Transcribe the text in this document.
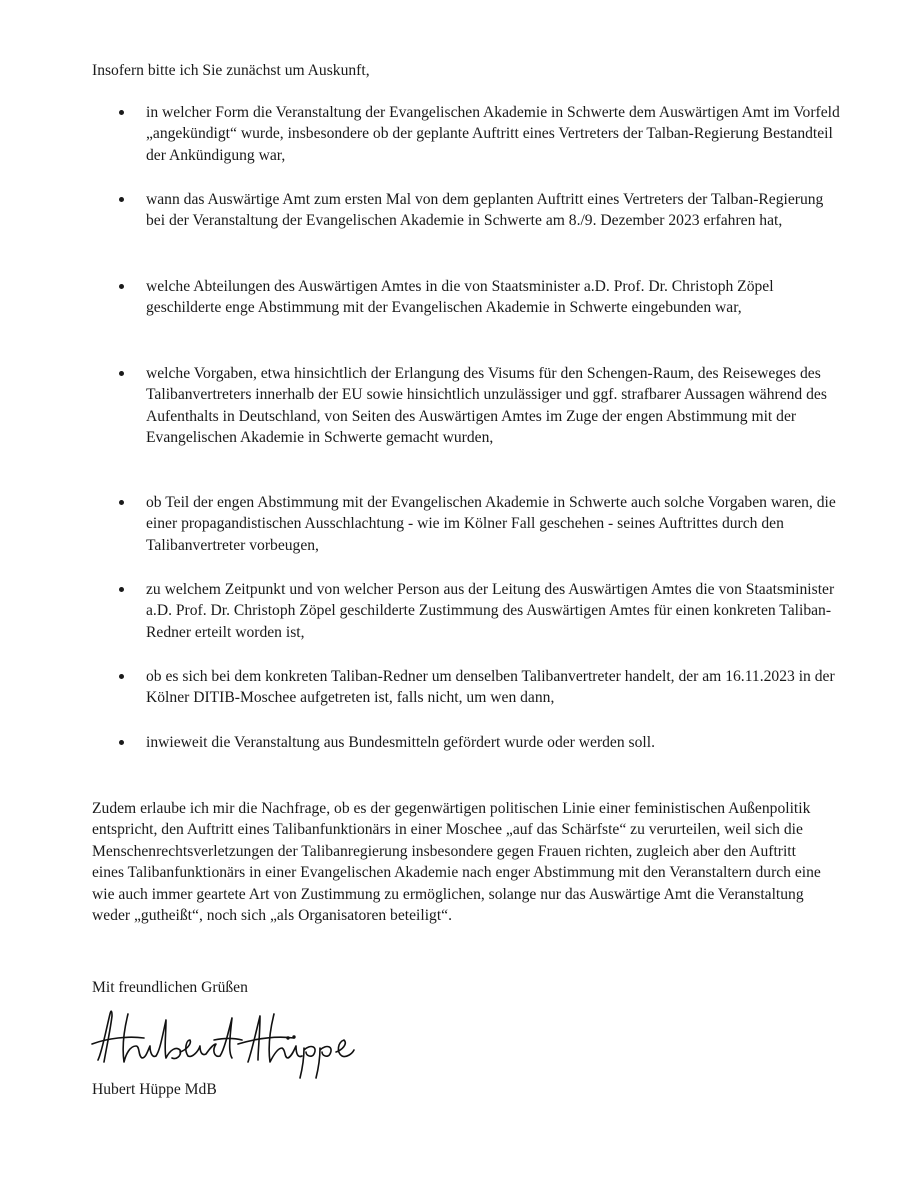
Insofern bitte ich Sie zunächst um Auskunft,

in welcher Form die Veranstaltung der Evangelischen Akademie in Schwerte dem Auswärtigen Amt im Vorfeld „angekündigt“ wurde, insbesondere ob der geplante Auftritt eines Vertreters der Talban-Regierung Bestandteil der Ankündigung war,

wann das Auswärtige Amt zum ersten Mal von dem geplanten Auftritt eines Vertreters der Talban-Regierung bei der Veranstaltung der Evangelischen Akademie in Schwerte am 8./9. Dezember 2023 erfahren hat,

welche Abteilungen des Auswärtigen Amtes in die von Staatsminister a.D. Prof. Dr. Christoph Zöpel geschilderte enge Abstimmung mit der Evangelischen Akademie in Schwerte eingebunden war,

welche Vorgaben, etwa hinsichtlich der Erlangung des Visums für den Schengen-Raum, des Reiseweges des Talibanvertreters innerhalb der EU sowie hinsichtlich unzulässiger und ggf. strafbarer Aussagen während des Aufenthalts in Deutschland, von Seiten des Auswärtigen Amtes im Zuge der engen Abstimmung mit der Evangelischen Akademie in Schwerte gemacht wurden,

ob Teil der engen Abstimmung mit der Evangelischen Akademie in Schwerte auch solche Vorgaben waren, die einer propagandistischen Ausschlachtung - wie im Kölner Fall geschehen - seines Auftrittes durch den Talibanvertreter vorbeugen,

zu welchem Zeitpunkt und von welcher Person aus der Leitung des Auswärtigen Amtes die von Staatsminister a.D. Prof. Dr. Christoph Zöpel geschilderte Zustimmung des Auswärtigen Amtes für einen konkreten Taliban-Redner erteilt worden ist,

ob es sich bei dem konkreten Taliban-Redner um denselben Talibanvertreter handelt, der am 16.11.2023 in der Kölner DITIB-Moschee aufgetreten ist, falls nicht, um wen dann,

inwieweit die Veranstaltung aus Bundesmitteln gefördert wurde oder werden soll.

Zudem erlaube ich mir die Nachfrage, ob es der gegenwärtigen politischen Linie einer feministischen Außenpolitik entspricht, den Auftritt eines Talibanfunktionärs in einer Moschee „auf das Schärfste“ zu verurteilen, weil sich die Menschenrechtsverletzungen der Talibanregierung insbesondere gegen Frauen richten, zugleich aber den Auftritt eines Talibanfunktionärs in einer Evangelischen Akademie nach enger Abstimmung mit den Veranstaltern durch eine wie auch immer geartete Art von Zustimmung zu ermöglichen, solange nur das Auswärtige Amt die Veranstaltung weder „gutheißt“, noch sich „als Organisatoren beteiligt“.

Mit freundlichen Grüßen

Hubert Hüppe MdB
